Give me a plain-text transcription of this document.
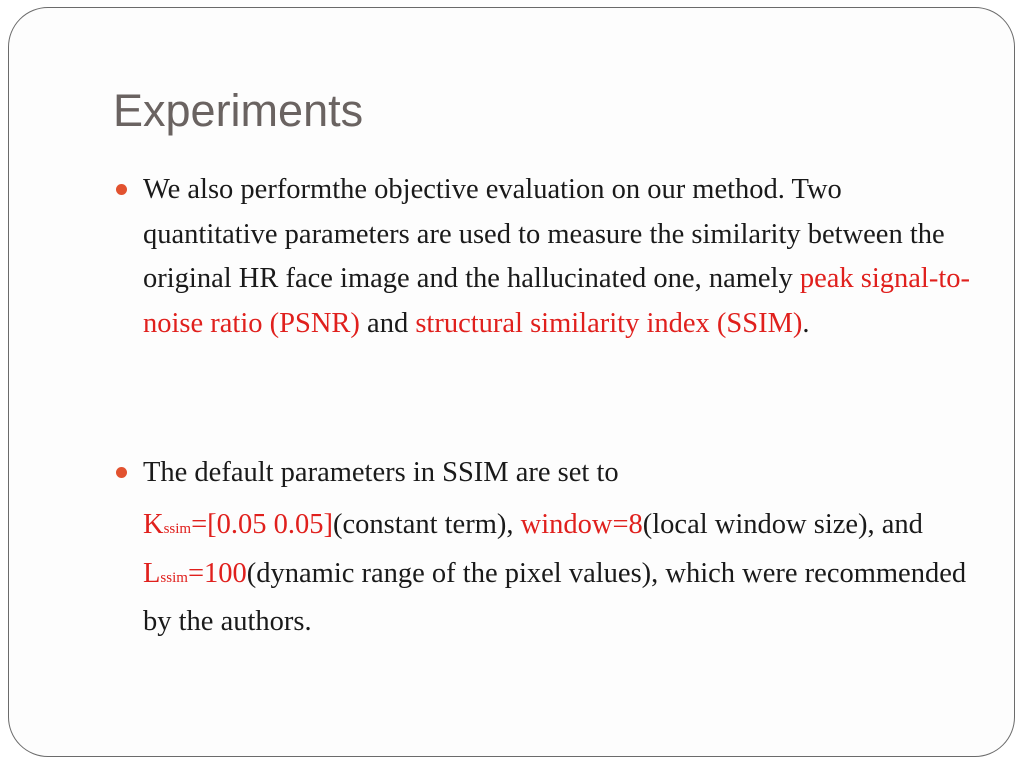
Experiments

We also performthe objective evaluation on our method. Two quantitative parameters are used to measure the similarity between the original HR face image and the hallucinated one, namely peak signal-to-noise ratio (PSNR) and structural similarity index (SSIM).

The default parameters in SSIM are set to

Kssim=[0.05 0.05](constant term), window=8(local window size), and Lssim=100(dynamic range of the pixel values), which were recommended by the authors.
